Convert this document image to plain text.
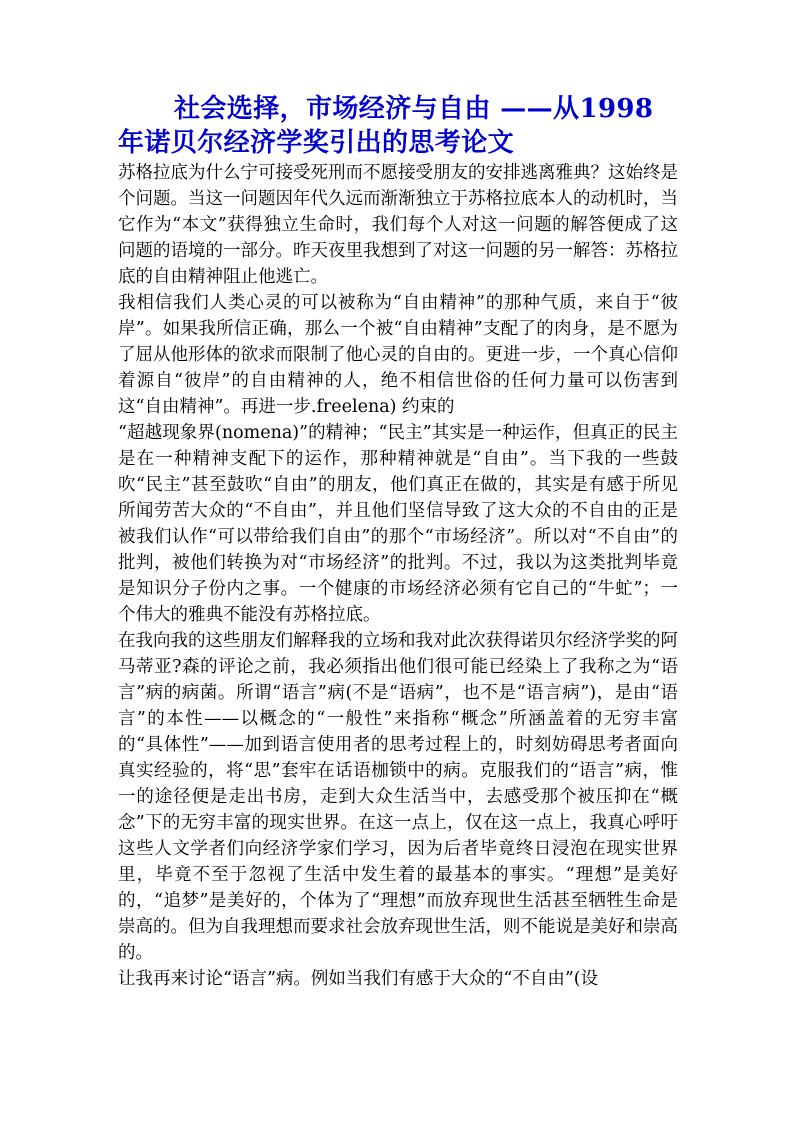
社会选择，市场经济与自由 ——从1998年诺贝尔经济学奖引出的思考论文

苏格拉底为什么宁可接受死刑而不愿接受朋友的安排逃离雅典？这始终是个问题。当这一问题因年代久远而渐渐独立于苏格拉底本人的动机时，当它作为“本文”获得独立生命时，我们每个人对这一问题的解答便成了这问题的语境的一部分。昨天夜里我想到了对这一问题的另一解答：苏格拉底的自由精神阻止他逃亡。

我相信我们人类心灵的可以被称为“自由精神”的那种气质，来自于“彼岸”。如果我所信正确，那么一个被“自由精神”支配了的肉身，是不愿为了屈从他形体的欲求而限制了他心灵的自由的。更进一步，一个真心信仰着源自“彼岸”的自由精神的人，绝不相信世俗的任何力量可以伤害到这“自由精神”。再进一步.freelena) 约束的

“超越现象界(nomena)”的精神；“民主”其实是一种运作，但真正的民主是在一种精神支配下的运作，那种精神就是“自由”。当下我的一些鼓吹“民主”甚至鼓吹“自由”的朋友，他们真正在做的，其实是有感于所见所闻劳苦大众的“不自由”，并且他们坚信导致了这大众的不自由的正是被我们认作“可以带给我们自由”的那个“市场经济”。所以对“不自由”的批判，被他们转换为对“市场经济”的批判。不过，我以为这类批判毕竟是知识分子份内之事。一个健康的市场经济必须有它自己的“牛虻”；一个伟大的雅典不能没有苏格拉底。

在我向我的这些朋友们解释我的立场和我对此次获得诺贝尔经济学奖的阿马蒂亚?森的评论之前，我必须指出他们很可能已经染上了我称之为“语言”病的病菌。所谓“语言”病(不是“语病”，也不是“语言病”)，是由“语言”的本性——以概念的“一般性”来指称“概念”所涵盖着的无穷丰富的“具体性”——加到语言使用者的思考过程上的，时刻妨碍思考者面向真实经验的，将“思”套牢在话语枷锁中的病。克服我们的“语言”病，惟一的途径便是走出书房，走到大众生活当中，去感受那个被压抑在“概念”下的无穷丰富的现实世界。在这一点上，仅在这一点上，我真心呼吁这些人文学者们向经济学家们学习，因为后者毕竟终日浸泡在现实世界里，毕竟不至于忽视了生活中发生着的最基本的事实。“理想”是美好的，“追梦”是美好的，个体为了“理想”而放弃现世生活甚至牺牲生命是崇高的。但为自我理想而要求社会放弃现世生活，则不能说是美好和崇高的。

让我再来讨论“语言”病。例如当我们有感于大众的“不自由”(设
